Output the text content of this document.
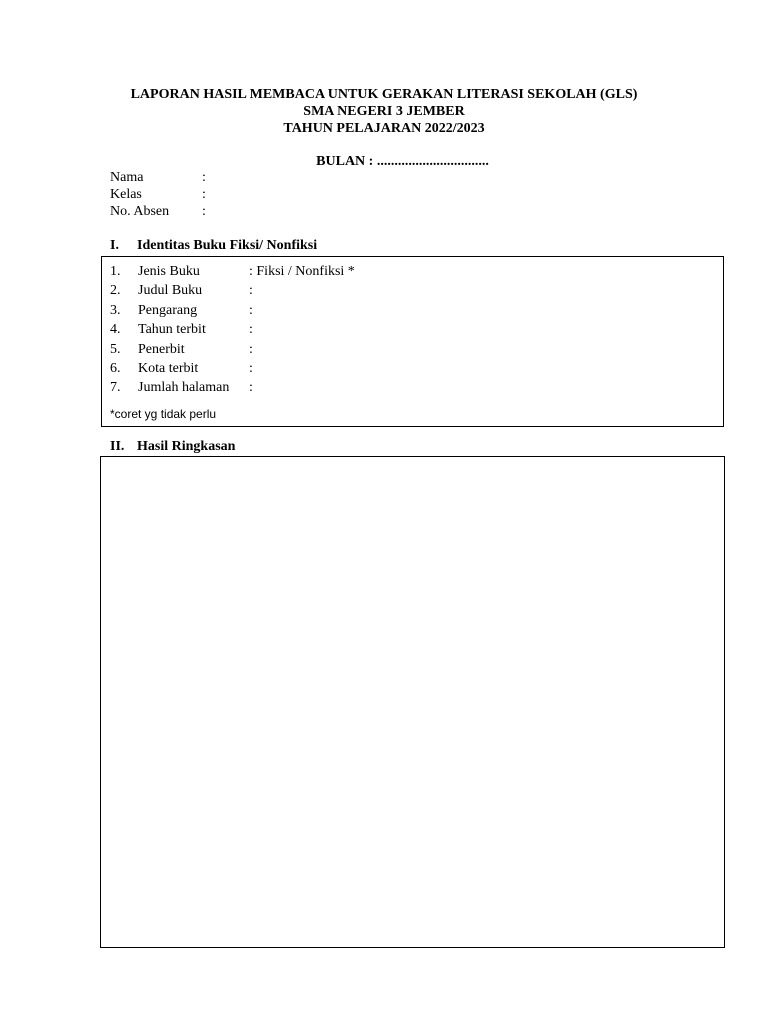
LAPORAN HASIL MEMBACA UNTUK GERAKAN LITERASI SEKOLAH (GLS)
SMA NEGERI 3 JEMBER
TAHUN PELAJARAN 2022/2023
BULAN : ................................
Nama	:
Kelas	:
No. Absen	:
I.	Identitas Buku Fiksi/ Nonfiksi
1.	Jenis Buku	: Fiksi / Nonfiksi *
2.	Judul Buku	:
3.	Pengarang	:
4.	Tahun terbit	:
5.	Penerbit	:
6.	Kota terbit	:
7.	Jumlah halaman	:
*coret yg tidak perlu
II. Hasil Ringkasan
